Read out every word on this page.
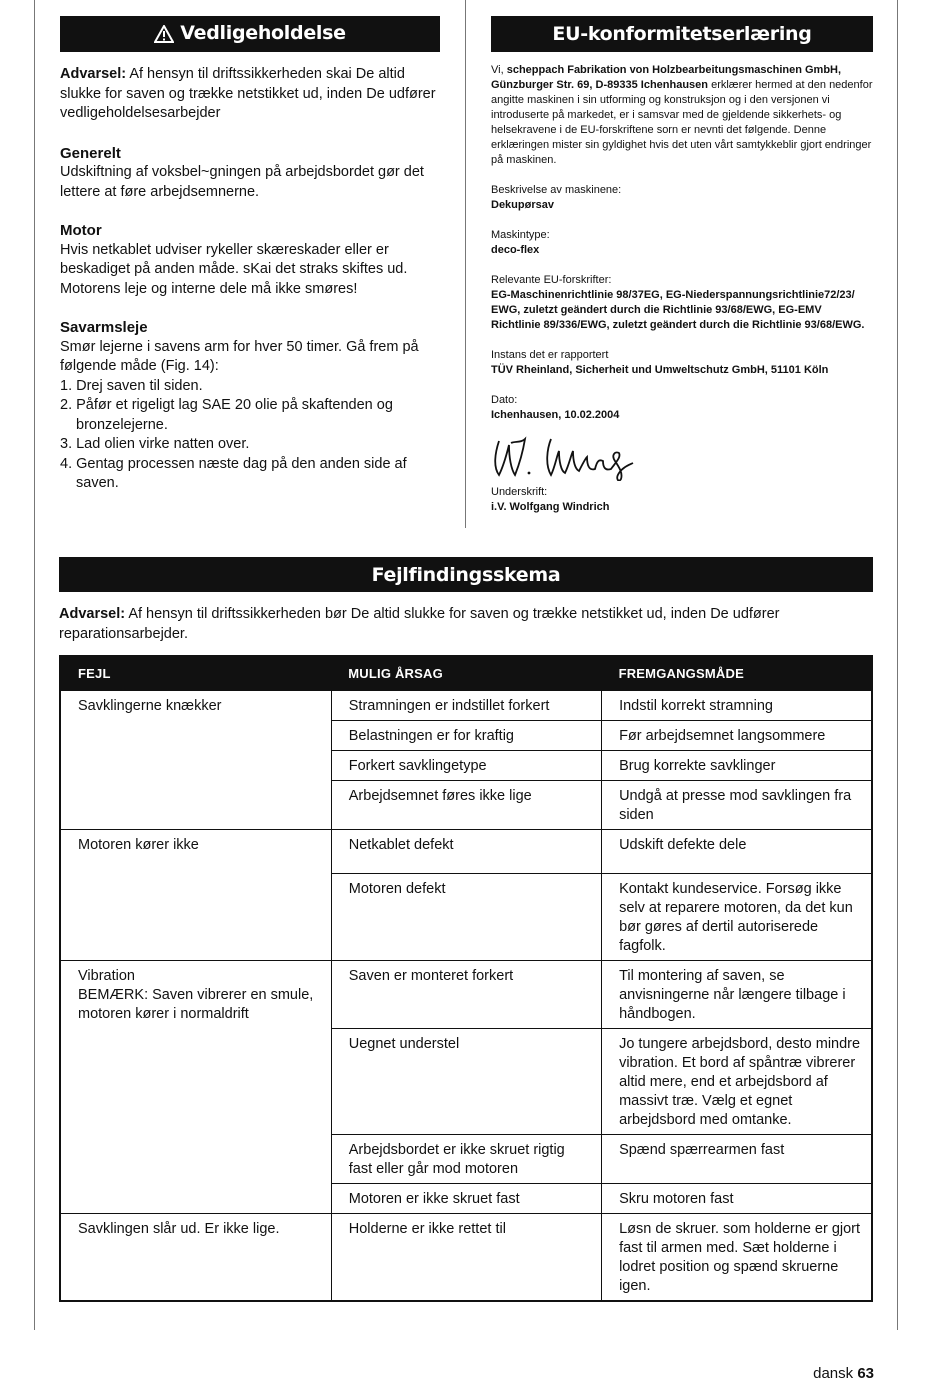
Vedligeholdelse

Advarsel: Af hensyn til driftssikkerheden skai De altid slukke for saven og trække netstikket ud, inden De udfører vedligeholdelsesarbejder

Generelt

Udskiftning af voksbel~gningen på arbejdsbordet gør det lettere at føre arbejdsemnerne.

Motor

Hvis netkablet udviser rykeller skæreskader eller er beskadiget på anden måde. sKai det straks skiftes ud.

Motorens leje og interne dele må ikke smøres!

Savarmsleje

Smør lejerne i savens arm for hver 50 timer. Gå frem på følgende måde (Fig. 14):

1. Drej saven til siden.
2. Påfør et rigeligt lag SAE 20 olie på skaftenden og bronzelejerne.
3. Lad olien virke natten over.
4. Gentag processen næste dag på den anden side af saven.
EU-konformitetserlæring

Vi, scheppach Fabrikation von Holzbearbeitungsmaschinen GmbH, Günzburger Str. 69, D-89335 Ichenhausen erklærer hermed at den nedenfor angitte maskinen i sin utforming og konstruksjon og i den versjonen vi introduserte på markedet, er i samsvar med de gjeldende sikkerhets- og helsekravene i de EU-forskriftene sorn er nevnti det følgende. Denne erklæringen mister sin gyldighet hvis det uten vårt samtykkeblir gjort endringer på maskinen.

Beskrivelse av maskinene:

Dekupørsav

Maskintype:

deco-flex

Relevante EU-forskrifter:

EG-Maschinenrichtlinie 98/37EG, EG-Niederspannungsrichtlinie72/23/ EWG, zuletzt geändert durch die Richtlinie 93/68/EWG, EG-EMV Richtlinie 89/336/EWG, zuletzt geändert durch die Richtlinie 93/68/EWG.

Instans det er rapportert

TÜV Rheinland, Sicherheit und Umweltschutz GmbH, 51101 Köln

Dato:

Ichenhausen, 10.02.2004

Underskrift:

i.V. Wolfgang Windrich

Fejlfindingsskema

Advarsel: Af hensyn til driftssikkerheden bør De altid slukke for saven og trække netstikket ud, inden De udfører reparationsarbejder.

FEJL	MULIG ÅRSAG	FREMGANGSMÅDE
Savklingerne knækker	Stramningen er indstillet forkert	Indstil korrekt stramning
	Belastningen er for kraftig	Før arbejdsemnet langsommere
	Forkert savklingetype	Brug korrekte savklinger
	Arbejdsemnet føres ikke lige	Undgå at presse mod savklingen fra siden
Motoren kører ikke	Netkablet defekt	Udskift defekte dele
	Motoren defekt	Kontakt kundeservice. Forsøg ikke selv at reparere motoren, da det kun bør gøres af dertil autoriserede fagfolk.

Vibration
BEMÆRK: Saven vibrerer en smule, motoren kører i normaldrift	Saven er monteret forkert	Til montering af saven, se anvisningerne når længere tilbage i håndbogen.
	Uegnet understel	Jo tungere arbejdsbord, desto mindre vibration. Et bord af spåntræ vibrerer altid mere, end et arbejdsbord af massivt træ. Vælg et egnet arbejdsbord med omtanke.
	Arbejdsbordet er ikke skruet rigtig fast eller går mod motoren	Spænd spærrearmen fast
	Motoren er ikke skruet fast	Skru motoren fast
Savklingen slår ud. Er ikke lige.	Holderne er ikke rettet til	Løsn de skruer. som holderne er gjort fast til armen med. Sæt holderne i lodret position og spænd skruerne igen.
dansk 63
